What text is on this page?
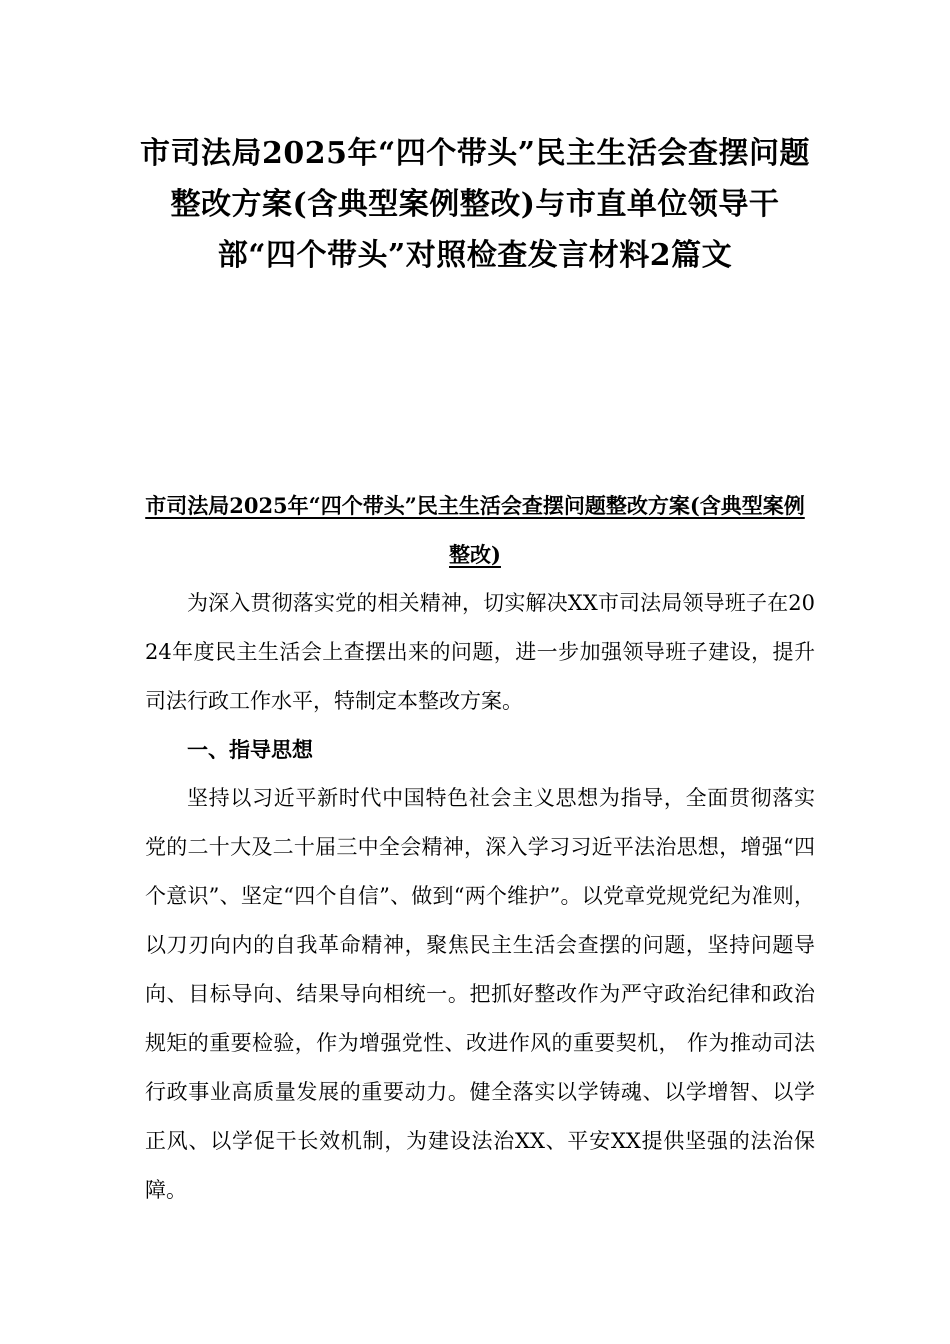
市司法局2025年“四个带头”民主生活会查摆问题整改方案(含典型案例整改)与市直单位领导干部“四个带头”对照检查发言材料2篇文
市司法局2025年“四个带头”民主生活会查摆问题整改方案(含典型案例整改)

为深入贯彻落实党的相关精神，切实解决XX市司法局领导班子在2024年度民主生活会上查摆出来的问题，进一步加强领导班子建设，提升司法行政工作水平，特制定本整改方案。

一、指导思想

坚持以习近平新时代中国特色社会主义思想为指导，全面贯彻落实党的二十大及二十届三中全会精神，深入学习习近平法治思想，增强“四个意识”、坚定“四个自信”、做到“两个维护”。以党章党规党纪为准则，以刀刃向内的自我革命精神，聚焦民主生活会查摆的问题，坚持问题导向、目标导向、结果导向相统一。把抓好整改作为严守政治纪律和政治规矩的重要检验，作为增强党性、改进作风的重要契机， 作为推动司法行政事业高质量发展的重要动力。健全落实以学铸魂、以学增智、以学正风、以学促干长效机制，为建设法治XX、平安XX提供坚强的法治保障。
